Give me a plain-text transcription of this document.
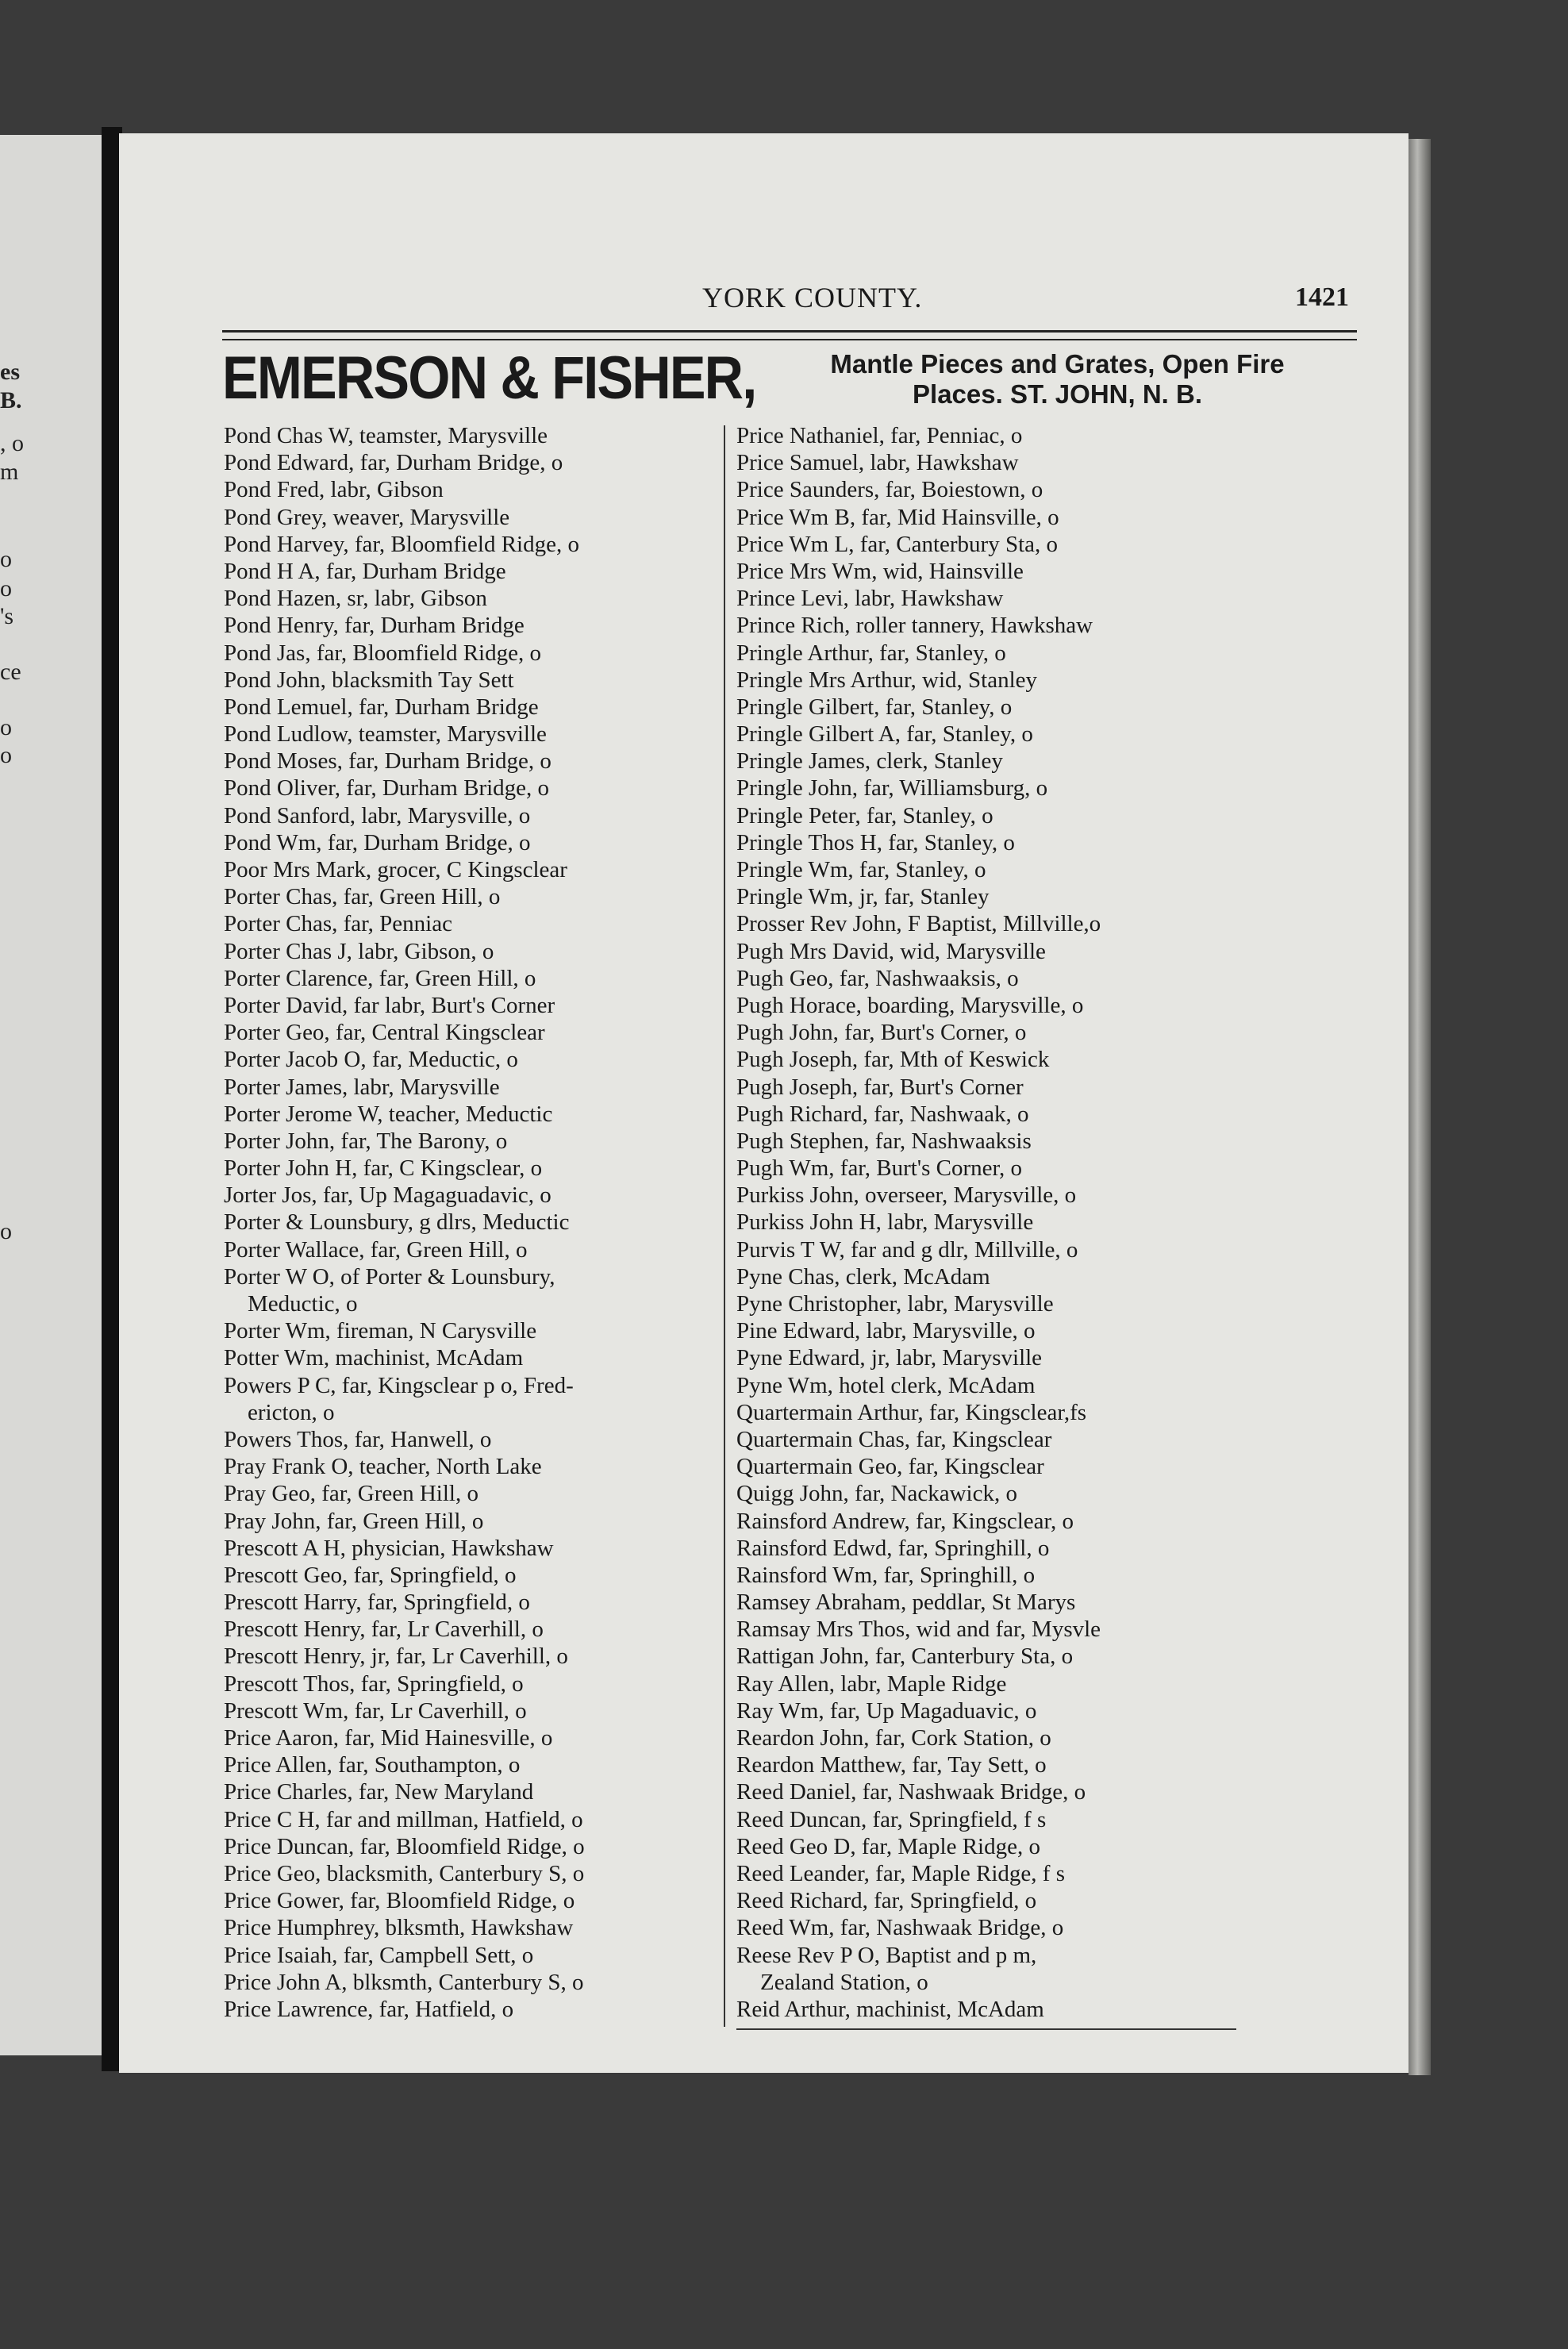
es
B.
, o
m
o
o
's
ce
o
o
o
YORK COUNTY.	1421
EMERSON & FISHER,	Mantle Pieces and Grates, Open Fire
Places. ST. JOHN, N. B.
Pond Chas W, teamster, Marysville
Pond Edward, far, Durham Bridge, o
Pond Fred, labr, Gibson
Pond Grey, weaver, Marysville
Pond Harvey, far, Bloomfield Ridge, o
Pond H A, far, Durham Bridge
Pond Hazen, sr, labr, Gibson
Pond Henry, far, Durham Bridge
Pond Jas, far, Bloomfield Ridge, o
Pond John, blacksmith Tay Sett
Pond Lemuel, far, Durham Bridge
Pond Ludlow, teamster, Marysville
Pond Moses, far, Durham Bridge, o
Pond Oliver, far, Durham Bridge, o
Pond Sanford, labr, Marysville, o
Pond Wm, far, Durham Bridge, o
Poor Mrs Mark, grocer, C Kingsclear
Porter Chas, far, Green Hill, o
Porter Chas, far, Penniac
Porter Chas J, labr, Gibson, o
Porter Clarence, far, Green Hill, o
Porter David, far labr, Burt's Corner
Porter Geo, far, Central Kingsclear
Porter Jacob O, far, Meductic, o
Porter James, labr, Marysville
Porter Jerome W, teacher, Meductic
Porter John, far, The Barony, o
Porter John H, far, C Kingsclear, o
Jorter Jos, far, Up Magaguadavic, o
Porter & Lounsbury, g dlrs, Meductic
Porter Wallace, far, Green Hill, o
Porter W O, of Porter & Lounsbury,
Meductic, o
Porter Wm, fireman, N Carysville
Potter Wm, machinist, McAdam
Powers P C, far, Kingsclear p o, Fred-
ericton, o
Powers Thos, far, Hanwell, o
Pray Frank O, teacher, North Lake
Pray Geo, far, Green Hill, o
Pray John, far, Green Hill, o
Prescott A H, physician, Hawkshaw
Prescott Geo, far, Springfield, o
Prescott Harry, far, Springfield, o
Prescott Henry, far, Lr Caverhill, o
Prescott Henry, jr, far, Lr Caverhill, o
Prescott Thos, far, Springfield, o
Prescott Wm, far, Lr Caverhill, o
Price Aaron, far, Mid Hainesville, o
Price Allen, far, Southampton, o
Price Charles, far, New Maryland
Price C H, far and millman, Hatfield, o
Price Duncan, far, Bloomfield Ridge, o
Price Geo, blacksmith, Canterbury S, o
Price Gower, far, Bloomfield Ridge, o
Price Humphrey, blksmth, Hawkshaw
Price Isaiah, far, Campbell Sett, o
Price John A, blksmth, Canterbury S, o
Price Lawrence, far, Hatfield, o
Price Nathaniel, far, Penniac, o
Price Samuel, labr, Hawkshaw
Price Saunders, far, Boiestown, o
Price Wm B, far, Mid Hainsville, o
Price Wm L, far, Canterbury Sta, o
Price Mrs Wm, wid, Hainsville
Prince Levi, labr, Hawkshaw
Prince Rich, roller tannery, Hawkshaw
Pringle Arthur, far, Stanley, o
Pringle Mrs Arthur, wid, Stanley
Pringle Gilbert, far, Stanley, o
Pringle Gilbert A, far, Stanley, o
Pringle James, clerk, Stanley
Pringle John, far, Williamsburg, o
Pringle Peter, far, Stanley, o
Pringle Thos H, far, Stanley, o
Pringle Wm, far, Stanley, o
Pringle Wm, jr, far, Stanley
Prosser Rev John, F Baptist, Millville,o
Pugh Mrs David, wid, Marysville
Pugh Geo, far, Nashwaaksis, o
Pugh Horace, boarding, Marysville, o
Pugh John, far, Burt's Corner, o
Pugh Joseph, far, Mth of Keswick
Pugh Joseph, far, Burt's Corner
Pugh Richard, far, Nashwaak, o
Pugh Stephen, far, Nashwaaksis
Pugh Wm, far, Burt's Corner, o
Purkiss John, overseer, Marysville, o
Purkiss John H, labr, Marysville
Purvis T W, far and g dlr, Millville, o
Pyne Chas, clerk, McAdam
Pyne Christopher, labr, Marysville
Pine Edward, labr, Marysville, o
Pyne Edward, jr, labr, Marysville
Pyne Wm, hotel clerk, McAdam
Quartermain Arthur, far, Kingsclear,fs
Quartermain Chas, far, Kingsclear
Quartermain Geo, far, Kingsclear
Quigg John, far, Nackawick, o
Rainsford Andrew, far, Kingsclear, o
Rainsford Edwd, far, Springhill, o
Rainsford Wm, far, Springhill, o
Ramsey Abraham, peddlar, St Marys
Ramsay Mrs Thos, wid and far, Mysvle
Rattigan John, far, Canterbury Sta, o
Ray Allen, labr, Maple Ridge
Ray Wm, far, Up Magaduavic, o
Reardon John, far, Cork Station, o
Reardon Matthew, far, Tay Sett, o
Reed Daniel, far, Nashwaak Bridge, o
Reed Duncan, far, Springfield, f s
Reed Geo D, far, Maple Ridge, o
Reed Leander, far, Maple Ridge, f s
Reed Richard, far, Springfield, o
Reed Wm, far, Nashwaak Bridge, o
Reese Rev P O, Baptist and p m,
Zealand Station, o
Reid Arthur, machinist, McAdam
